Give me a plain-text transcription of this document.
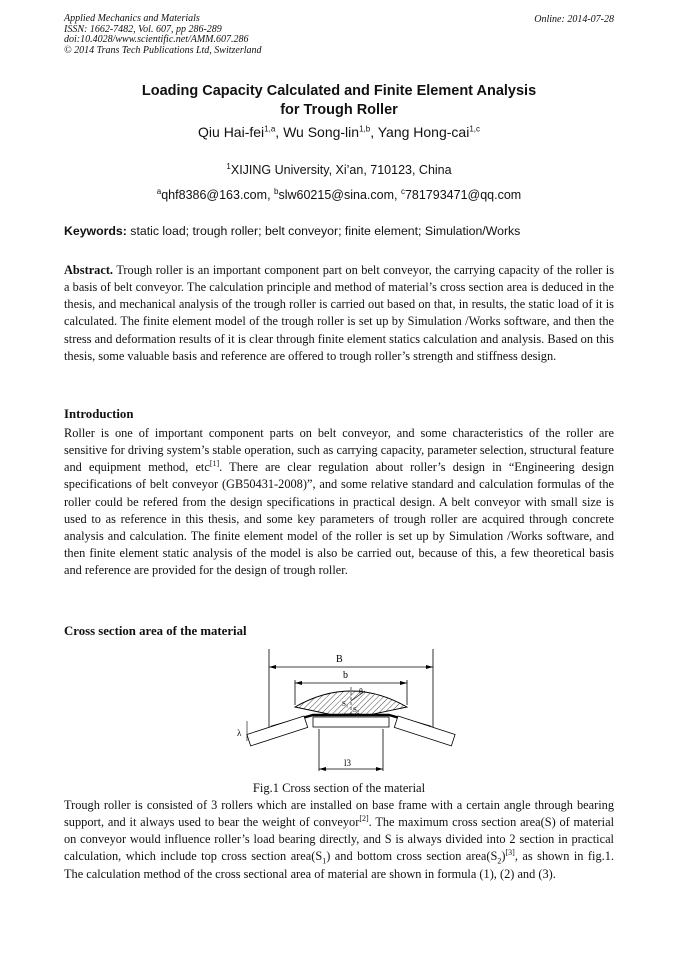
Applied Mechanics and Materials
ISSN: 1662-7482, Vol. 607, pp 286-289
doi:10.4028/www.scientific.net/AMM.607.286
© 2014 Trans Tech Publications Ltd, Switzerland
Online: 2014-07-28
Loading Capacity Calculated and Finite Element Analysis
for Trough Roller
Qiu Hai-fei$^{1,a}$, Wu Song-lin$^{1,b}$, Yang Hong-cai$^{1,c}$
$^1$XIJING University, Xi’an, 710123, China
$^a$qhf8386@163.com, $^b$slw60215@sina.com, $^c$781793471@qq.com
Keywords: static load; trough roller; belt conveyor; finite element; Simulation/Works
Abstract. Trough roller is an important component part on belt conveyor, the carrying capacity of the roller is a basis of belt conveyor. The calculation principle and method of material’s cross section area is deduced in the thesis, and mechanical analysis of the trough roller is carried out based on that, in results, the static load of it is calculated. The finite element model of the trough roller is set up by Simulation /Works software, and then the stress and deformation results of it is clear through finite element statics calculation and analysis. Based on this thesis, some valuable basis and reference are offered to trough roller’s strength and stiffness design.
Introduction
Roller is one of important component parts on belt conveyor, and some characteristics of the roller are sensitive for driving system’s stable operation, such as carrying capacity, parameter selection, structural feature and equipment method, etc[1]. There are clear regulation about roller’s design in “Engineering design specifications of belt conveyor (GB50431-2008)”, and some relative standard and calculation formulas of the roller could be refered from the design specifications in practical design. A belt conveyor with small size is used to as reference in this thesis, and some key parameters of trough roller are acquired through concrete analysis and calculation. The finite element model of the roller is set up by Simulation /Works software, and then finite element static analysis of the model is also be carried out, because of this, a few theoretical basis and reference are provided for the design of trough roller.
Cross section area of the material
B
b
θ
S₁
S₂
λ
l3
Fig.1 Cross section of the material
Trough roller is consisted of 3 rollers which are installed on base frame with a certain angle through bearing support, and it always used to bear the weight of conveyor[2]. The maximum cross section area(S) of material on conveyor would influence roller’s load bearing directly, and S is always divided into 2 section in practical calculation, which include top cross section $area(S_1)$ and bottom cross section $area(S_2)[3]$, as shown in fig.1. The calculation method of the cross sectional area of material are shown in formula (1), (2) and (3).
